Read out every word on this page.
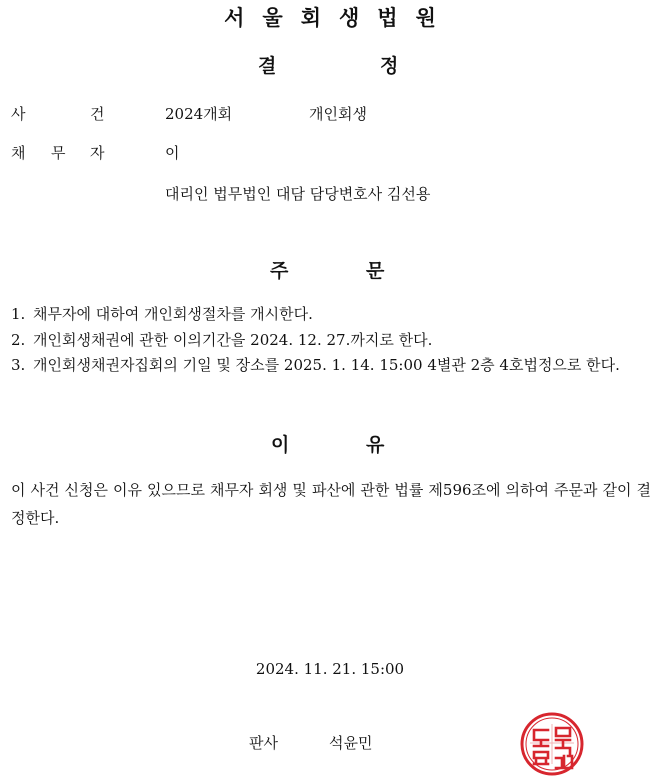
서울회생법원
결	정
사	건	2024개회	개인회생
채 무 자	이
대리인 법무법인 대담 담당변호사 김선용
주	문
1. 채무자에 대하여 개인회생절차를 개시한다.
2. 개인회생채권에 관한 이의기간을 2024. 12. 27.까지로 한다.
3. 개인회생채권자집회의 기일 및 장소를 2025. 1. 14. 15:00 4별관 2층 4호법정으로 한다.
이	유
이 사건 신청은 이유 있으므로 채무자 회생 및 파산에 관한 법률 제596조에 의하여 주문과 같이 결정한다.
2024. 11. 21. 15:00
판사	석윤민
